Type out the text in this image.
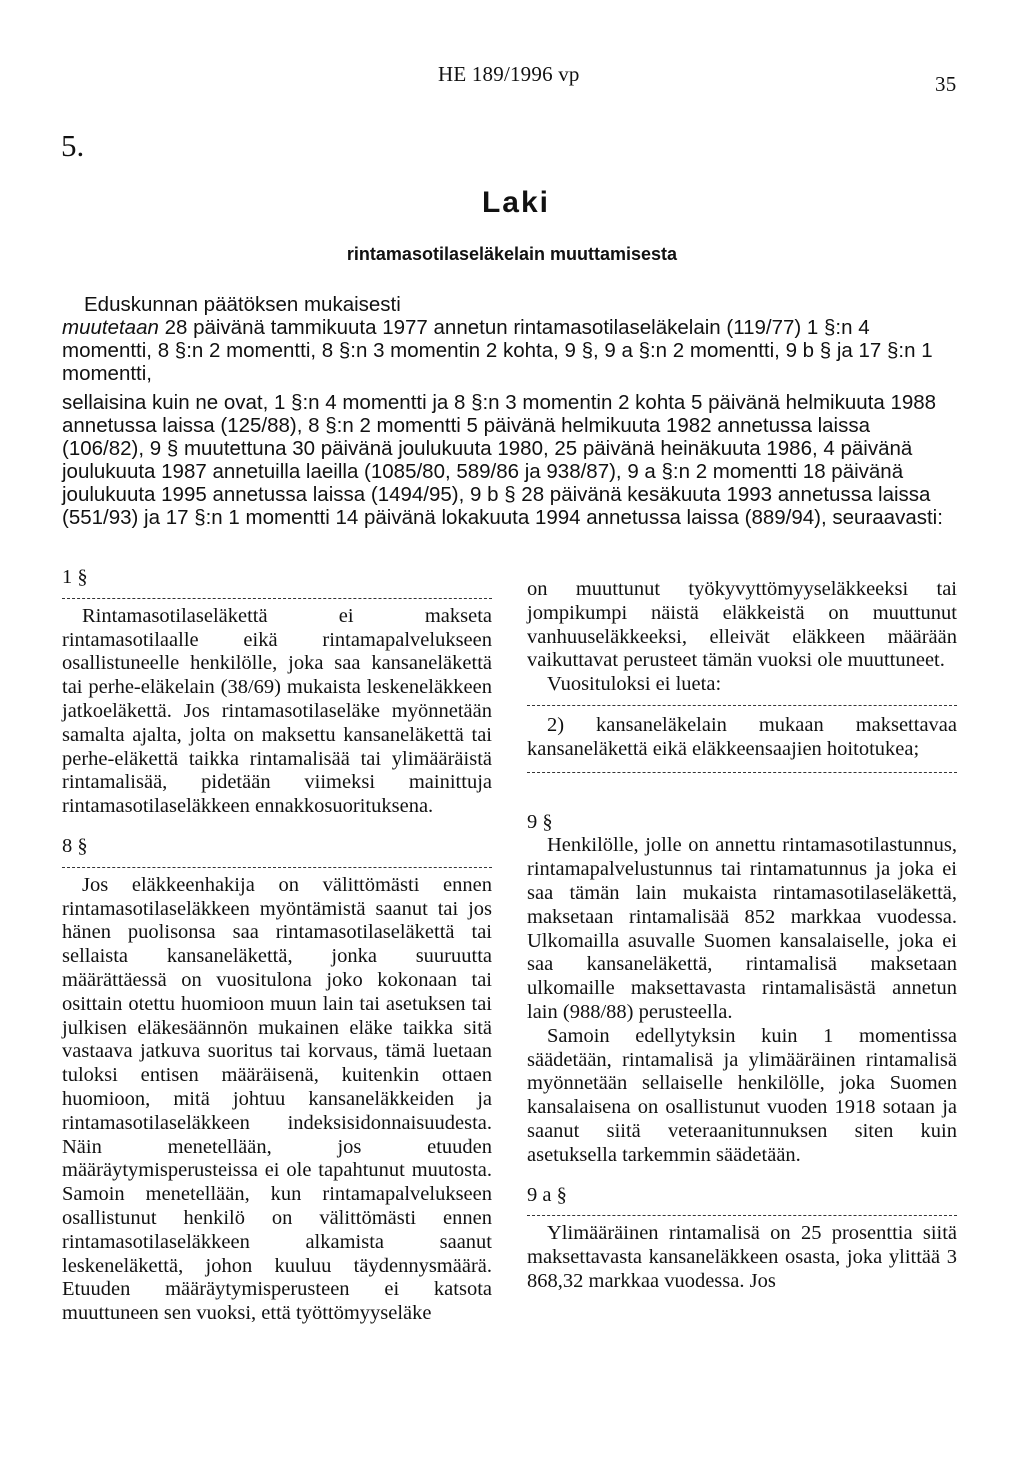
HE 189/1996 vp	35
5.
Laki
rintamasotilaseläkelain muuttamisesta

Eduskunnan päätöksen mukaisesti

muutetaan 28 päivänä tammikuuta 1977 annetun rintamasotilaseläkelain (119/77) 1 §:n 4 momentti, 8 §:n 2 momentti, 8 §:n 3 momentin 2 kohta, 9 §, 9 a §:n 2 momentti, 9 b § ja 17 §:n 1 momentti,

sellaisina kuin ne ovat, 1 §:n 4 momentti ja 8 §:n 3 momentin 2 kohta 5 päivänä helmikuuta 1988 annetussa laissa (125/88), 8 §:n 2 momentti 5 päivänä helmikuuta 1982 annetussa laissa (106/82), 9 § muutettuna 30 päivänä joulukuuta 1980, 25 päivänä heinäkuuta 1986, 4 päivänä joulukuuta 1987 annetuilla laeilla (1085/80, 589/86 ja 938/87), 9 a §:n 2 momentti 18 päivänä joulukuuta 1995 annetussa laissa (1494/95), 9 b § 28 päivänä kesäkuuta 1993 annetussa laissa (551/93) ja 17 §:n 1 momentti 14 päivänä lokakuuta 1994 annetussa laissa (889/94), seuraavasti:

1 §

Rintamasotilaseläkettä ei makseta rintamasotilaalle eikä rintamapalvelukseen osallistuneelle henkilölle, joka saa kansaneläkettä tai perhe-eläkelain (38/69) mukaista leskeneläkkeen jatkoeläkettä. Jos rintamasotilaseläke myönnetään samalta ajalta, jolta on maksettu kansaneläkettä tai perhe-eläkettä taikka rintamalisää tai ylimääräistä rintamalisää, pidetään viimeksi mainittuja rintamasotilaseläkkeen ennakkosuorituksena.

8 §

Jos eläkkeenhakija on välittömästi ennen rintamasotilaseläkkeen myöntämistä saanut tai jos hänen puolisonsa saa rintamasotilaseläkettä tai sellaista kansaneläkettä, jonka suuruutta määrättäessä on vuositulona joko kokonaan tai osittain otettu huomioon muun lain tai asetuksen tai julkisen eläkesäännön mukainen eläke taikka sitä vastaava jatkuva suoritus tai korvaus, tämä luetaan tuloksi entisen määräisenä, kuitenkin ottaen huomioon, mitä johtuu kansaneläkkeiden ja rintamasotilaseläkkeen indeksisidonnaisuudesta. Näin menetellään, jos etuuden määräytymisperusteissa ei ole tapahtunut muutosta. Samoin menetellään, kun rintamapalvelukseen osallistunut henkilö on välittömästi ennen rintamasotilaseläkkeen alkamista saanut leskeneläkettä, johon kuuluu täydennysmäärä. Etuuden määräytymisperusteen ei katsota muuttuneen sen vuoksi, että työttömyyseläke

on muuttunut työkyvyttömyyseläkkeeksi tai jompikumpi näistä eläkkeistä on muuttunut vanhuuseläkkeeksi, elleivät eläkkeen määrään vaikuttavat perusteet tämän vuoksi ole muuttuneet.

Vuosituloksi ei lueta:

2) kansaneläkelain mukaan maksettavaa kansaneläkettä eikä eläkkeensaajien hoitotukea;

9 §

Henkilölle, jolle on annettu rintamasotilastunnus, rintamapalvelustunnus tai rintamatunnus ja joka ei saa tämän lain mukaista rintamasotilaseläkettä, maksetaan rintamalisää 852 markkaa vuodessa. Ulkomailla asuvalle Suomen kansalaiselle, joka ei saa kansaneläkettä, rintamalisä maksetaan ulkomaille maksettavasta rintamalisästä annetun lain (988/88) perusteella.

Samoin edellytyksin kuin 1 momentissa säädetään, rintamalisä ja ylimääräinen rintamalisä myönnetään sellaiselle henkilölle, joka Suomen kansalaisena on osallistunut vuoden 1918 sotaan ja saanut siitä veteraanitunnuksen siten kuin asetuksella tarkemmin säädetään.

9 a §

Ylimääräinen rintamalisä on 25 prosenttia siitä maksettavasta kansaneläkkeen osasta, joka ylittää 3 868,32 markkaa vuodessa. Jos
